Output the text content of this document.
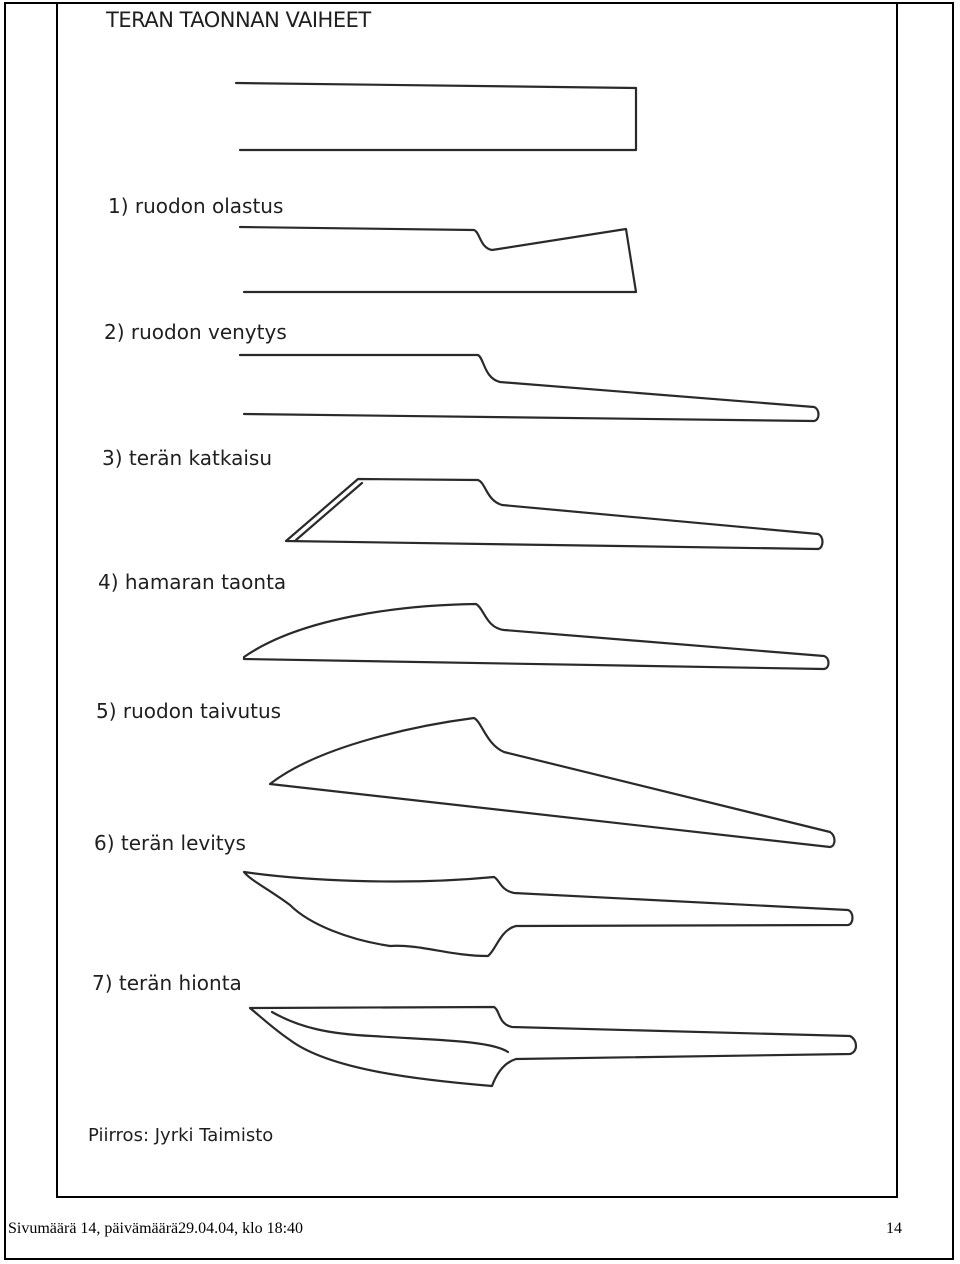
TERAN TAONNAN VAIHEET
1) ruodon olastus
2) ruodon venytys
3) terän katkaisu
4) hamaran taonta
5) ruodon taivutus
6) terän levitys
7) terän hionta
Piirros: Jyrki Taimisto
Sivumäärä 14, päivämäärä29.04.04, klo 18:40	14
